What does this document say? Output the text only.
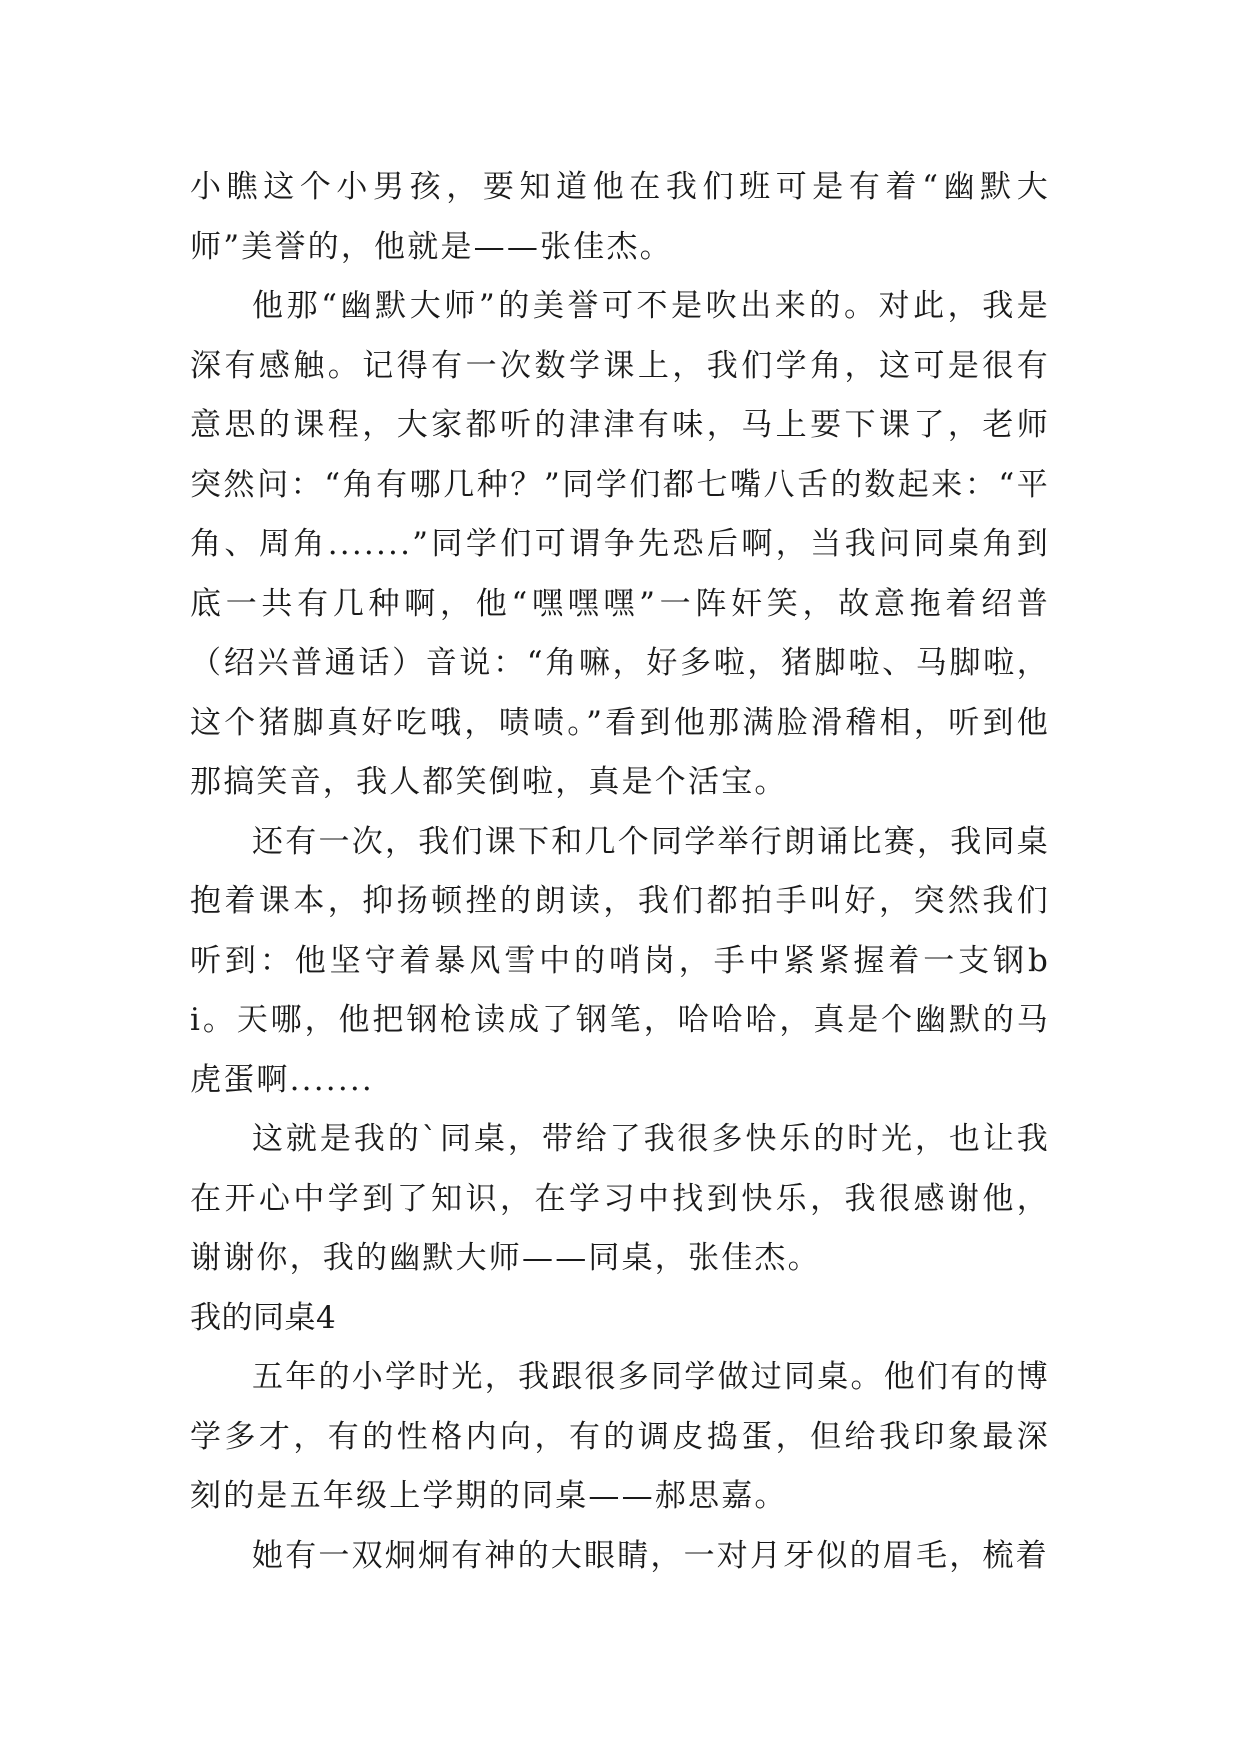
小瞧这个小男孩，要知道他在我们班可是有着“幽默大师”美誉的，他就是——张佳杰。

他那“幽默大师”的美誉可不是吹出来的。对此，我是深有感触。记得有一次数学课上，我们学角，这可是很有意思的课程，大家都听的津津有味，马上要下课了，老师突然问：“角有哪几种？”同学们都七嘴八舌的数起来：“平角、周角.......”同学们可谓争先恐后啊，当我问同桌角到底一共有几种啊，他“嘿嘿嘿”一阵奸笑，故意拖着绍普（绍兴普通话）音说：“角嘛，好多啦，猪脚啦、马脚啦，这个猪脚真好吃哦，啧啧。”看到他那满脸滑稽相，听到他那搞笑音，我人都笑倒啦，真是个活宝。

还有一次，我们课下和几个同学举行朗诵比赛，我同桌抱着课本，抑扬顿挫的朗读，我们都拍手叫好，突然我们听到：他坚守着暴风雪中的哨岗，手中紧紧握着一支钢bi。天哪，他把钢枪读成了钢笔，哈哈哈，真是个幽默的马虎蛋啊.......

这就是我的`同桌，带给了我很多快乐的时光，也让我在开心中学到了知识，在学习中找到快乐，我很感谢他，谢谢你，我的幽默大师——同桌，张佳杰。

我的同桌4

五年的小学时光，我跟很多同学做过同桌。他们有的博学多才，有的性格内向，有的调皮捣蛋，但给我印象最深刻的是五年级上学期的同桌——郝思嘉。

她有一双炯炯有神的大眼睛，一对月牙似的眉毛，梳着
